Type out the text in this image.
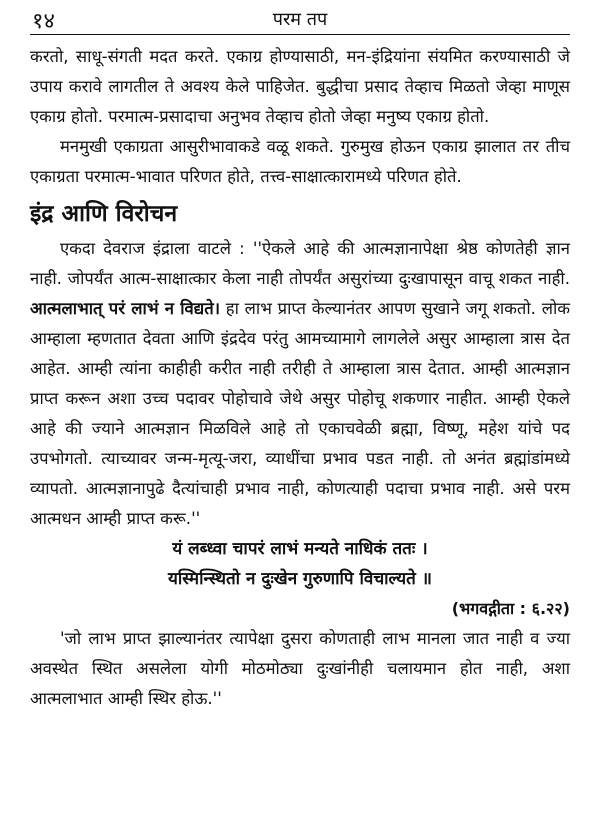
१४	परम तप

करतो, साधू-संगती मदत करते. एकाग्र होण्यासाठी, मन-इंद्रियांना संयमित करण्यासाठी जे उपाय करावे लागतील ते अवश्य केले पाहिजेत. बुद्धीचा प्रसाद तेव्हाच मिळतो जेव्हा माणूस एकाग्र होतो. परमात्म-प्रसादाचा अनुभव तेव्हाच होतो जेव्हा मनुष्य एकाग्र होतो.

मनमुखी एकाग्रता आसुरीभावाकडे वळू शकते. गुरुमुख होऊन एकाग्र झालात तर तीच एकाग्रता परमात्म-भावात परिणत होते, तत्त्व-साक्षात्कारामध्ये परिणत होते.

इंद्र आणि विरोचन

एकदा देवराज इंद्राला वाटले : ''ऐकले आहे की आत्मज्ञानापेक्षा श्रेष्ठ कोणतेही ज्ञान नाही. जोपर्यंत आत्म-साक्षात्कार केला नाही तोपर्यंत असुरांच्या दुःखापासून वाचू शकत नाही. आत्मलाभात् परं लाभं न विद्यते। हा लाभ प्राप्त केल्यानंतर आपण सुखाने जगू शकतो. लोक आम्हाला म्हणतात देवता आणि इंद्रदेव परंतु आमच्यामागे लागलेले असुर आम्हाला त्रास देत आहेत. आम्ही त्यांना काहीही करीत नाही तरीही ते आम्हाला त्रास देतात. आम्ही आत्मज्ञान प्राप्त करून अशा उच्च पदावर पोहोचावे जेथे असुर पोहोचू शकणार नाहीत. आम्ही ऐकले आहे की ज्याने आत्मज्ञान मिळविले आहे तो एकाचवेळी ब्रह्मा, विष्णू, महेश यांचे पद उपभोगतो. त्याच्यावर जन्म-मृत्यू-जरा, व्याधींचा प्रभाव पडत नाही. तो अनंत ब्रह्मांडांमध्ये व्यापतो. आत्मज्ञानापुढे दैत्यांचाही प्रभाव नाही, कोणत्याही पदाचा प्रभाव नाही. असे परम आत्मधन आम्ही प्राप्त करू.''

यं लब्ध्वा चापरं लाभं मन्यते नाधिकं ततः ।

यस्मिन्स्थितो न दुःखेन गुरुणापि विचाल्यते ॥

(भगवद्गीता : ६.२२)

'जो लाभ प्राप्त झाल्यानंतर त्यापेक्षा दुसरा कोणताही लाभ मानला जात नाही व ज्या अवस्थेत स्थित असलेला योगी मोठमोठ्या दुःखांनीही चलायमान होत नाही, अशा आत्मलाभात आम्ही स्थिर होऊ.''
